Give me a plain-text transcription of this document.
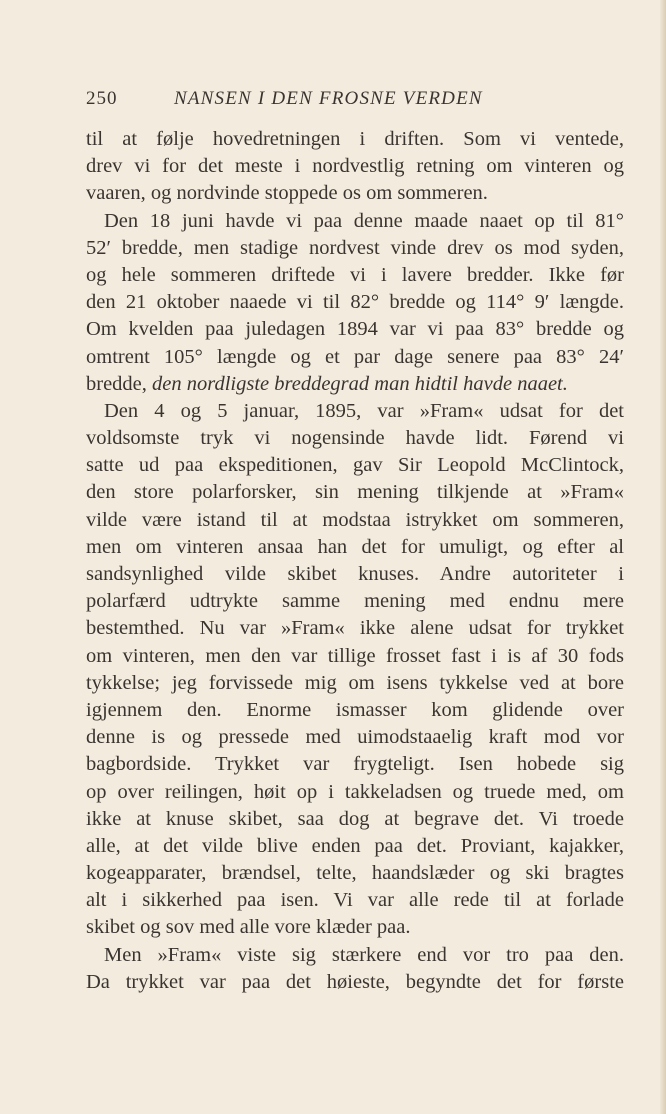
250	NANSEN I DEN FROSNE VERDEN
til at følje hovedretningen i driften. Som vi ventede,
drev vi for det meste i nordvestlig retning om vinteren og
vaaren, og nordvinde stoppede os om sommeren.
Den 18 juni havde vi paa denne maade naaet op til 81°
52′ bredde, men stadige nordvest vinde drev os mod syden,
og hele sommeren driftede vi i lavere bredder. Ikke før
den 21 oktober naaede vi til 82° bredde og 114° 9′ længde.
Om kvelden paa juledagen 1894 var vi paa 83° bredde og
omtrent 105° længde og et par dage senere paa 83° 24′
bredde, den nordligste breddegrad man hidtil havde naaet.
Den 4 og 5 januar, 1895, var »Fram« udsat for det
voldsomste tryk vi nogensinde havde lidt. Førend vi
satte ud paa ekspeditionen, gav Sir Leopold McClintock,
den store polarforsker, sin mening tilkjende at »Fram«
vilde være istand til at modstaa istrykket om sommeren,
men om vinteren ansaa han det for umuligt, og efter al
sandsynlighed vilde skibet knuses. Andre autoriteter i
polarfærd udtrykte samme mening med endnu mere
bestemthed. Nu var »Fram« ikke alene udsat for trykket
om vinteren, men den var tillige frosset fast i is af 30 fods
tykkelse; jeg forvissede mig om isens tykkelse ved at bore
igjennem den. Enorme ismasser kom glidende over
denne is og pressede med uimodstaaelig kraft mod vor
bagbordside. Trykket var frygteligt. Isen hobede sig
op over reilingen, høit op i takkeladsen og truede med, om
ikke at knuse skibet, saa dog at begrave det. Vi troede
alle, at det vilde blive enden paa det. Proviant, kajakker,
kogeapparater, brændsel, telte, haandslæder og ski bragtes
alt i sikkerhed paa isen. Vi var alle rede til at forlade
skibet og sov med alle vore klæder paa.
Men »Fram« viste sig stærkere end vor tro paa den.
Da trykket var paa det høieste, begyndte det for første
